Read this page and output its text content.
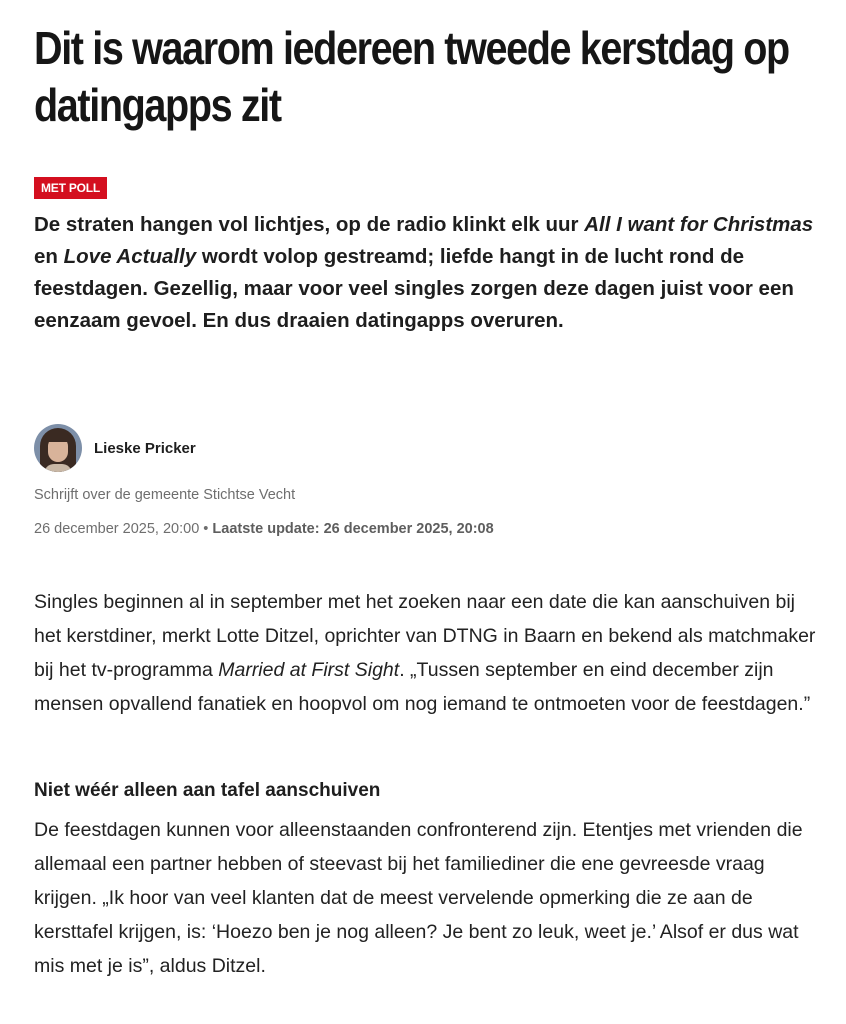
Dit is waarom iedereen tweede kerstdag op datingapps zit
MET POLL

De straten hangen vol lichtjes, op de radio klinkt elk uur All I want for Christmas en Love Actually wordt volop gestreamd; liefde hangt in de lucht rond de feestdagen. Gezellig, maar voor veel singles zorgen deze dagen juist voor een eenzaam gevoel. En dus draaien datingapps overuren.

Lieske Pricker
Schrijft over de gemeente Stichtse Vecht
26 december 2025, 20:00 • Laatste update: 26 december 2025, 20:08

Singles beginnen al in september met het zoeken naar een date die kan aanschuiven bij het kerstdiner, merkt Lotte Ditzel, oprichter van DTNG in Baarn en bekend als matchmaker bij het tv-programma Married at First Sight. „Tussen september en eind december zijn mensen opvallend fanatiek en hoopvol om nog iemand te ontmoeten voor de feestdagen.”

Niet wéér alleen aan tafel aanschuiven

De feestdagen kunnen voor alleenstaanden confronterend zijn. Etentjes met vrienden die allemaal een partner hebben of steevast bij het familiediner die ene gevreesde vraag krijgen. „Ik hoor van veel klanten dat de meest vervelende opmerking die ze aan de kersttafel krijgen, is: ‘Hoezo ben je nog alleen? Je bent zo leuk, weet je.’ Alsof er dus wat mis met je is”, aldus Ditzel.
